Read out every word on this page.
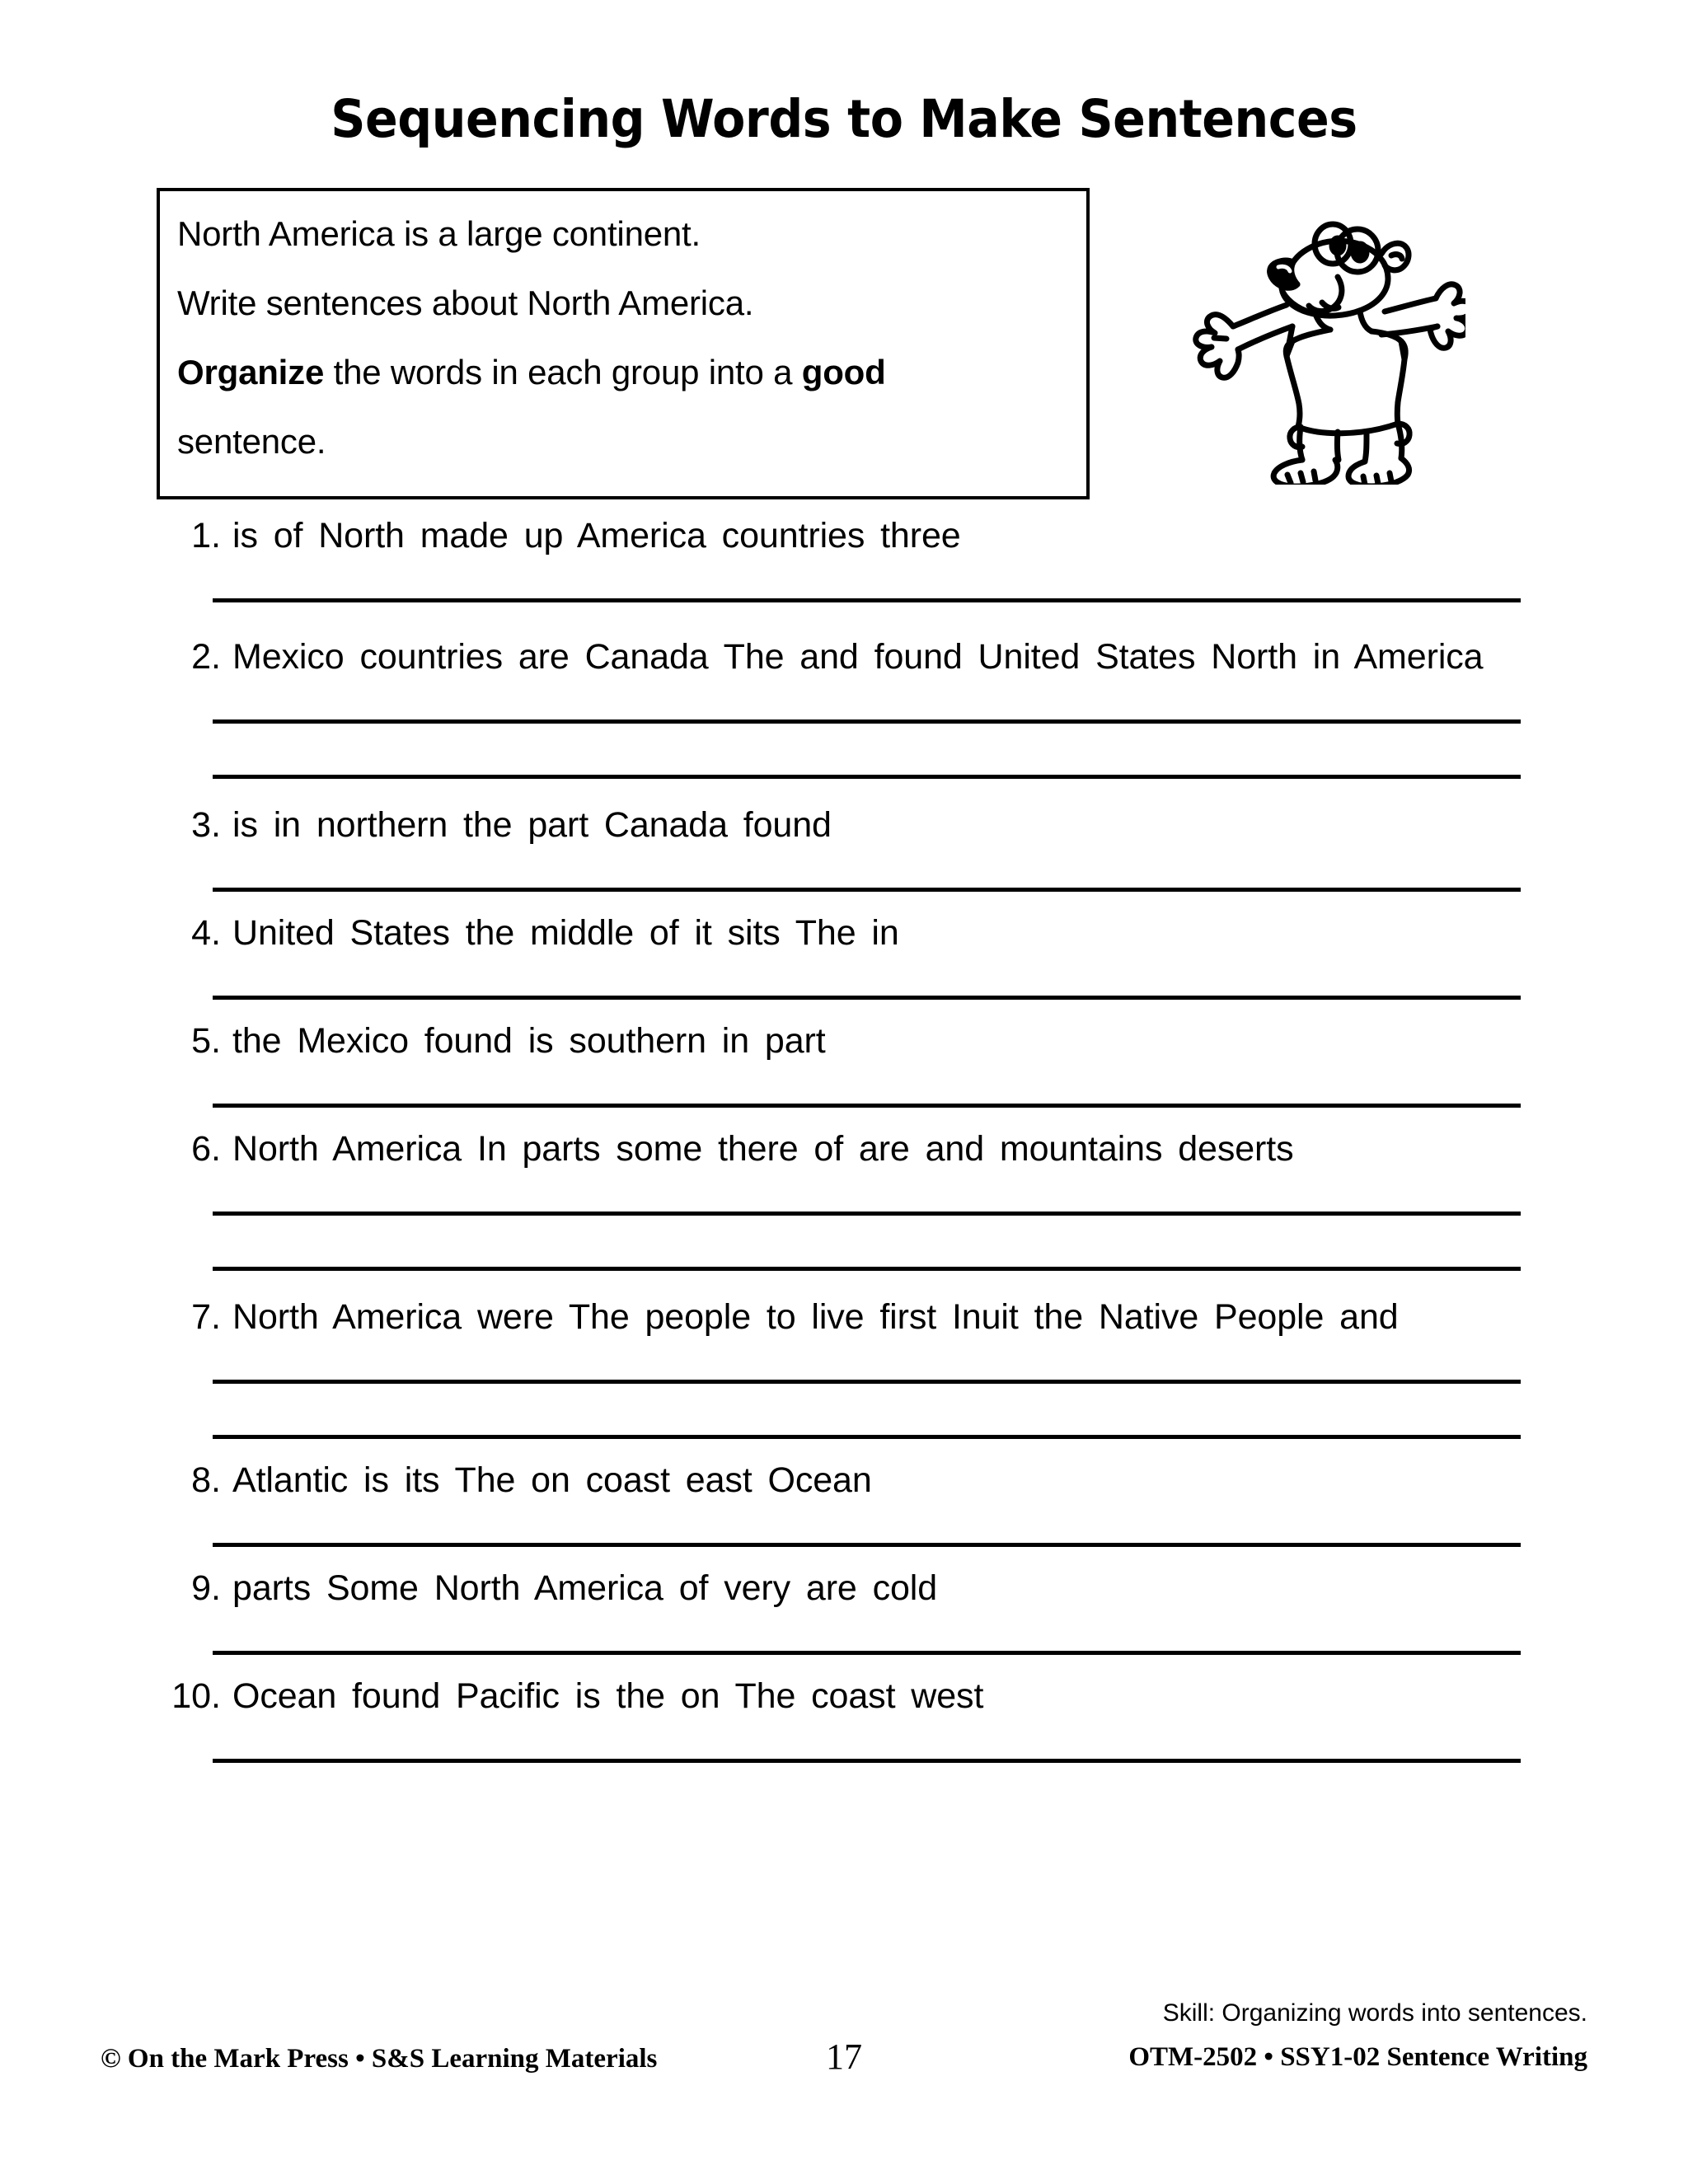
Sequencing Words to Make Sentences
North America is a large continent.
Write sentences about North America.
Organize the words in each group into a good
sentence.
1. is of North made up America countries three
2. Mexico countries are Canada The and found United States North in America
3. is in northern the part Canada found
4. United States the middle of it sits The in
5. the Mexico found is southern in part
6. North America In parts some there of are and mountains deserts
7. North America were The people to live first Inuit the Native People and
8. Atlantic is its The on coast east Ocean
9. parts Some North America of very are cold
10. Ocean found Pacific is the on The coast west
© On the Mark Press • S&S Learning Materials	17
Skill: Organizing words into sentences.
OTM-2502 • SSY1-02 Sentence Writing
